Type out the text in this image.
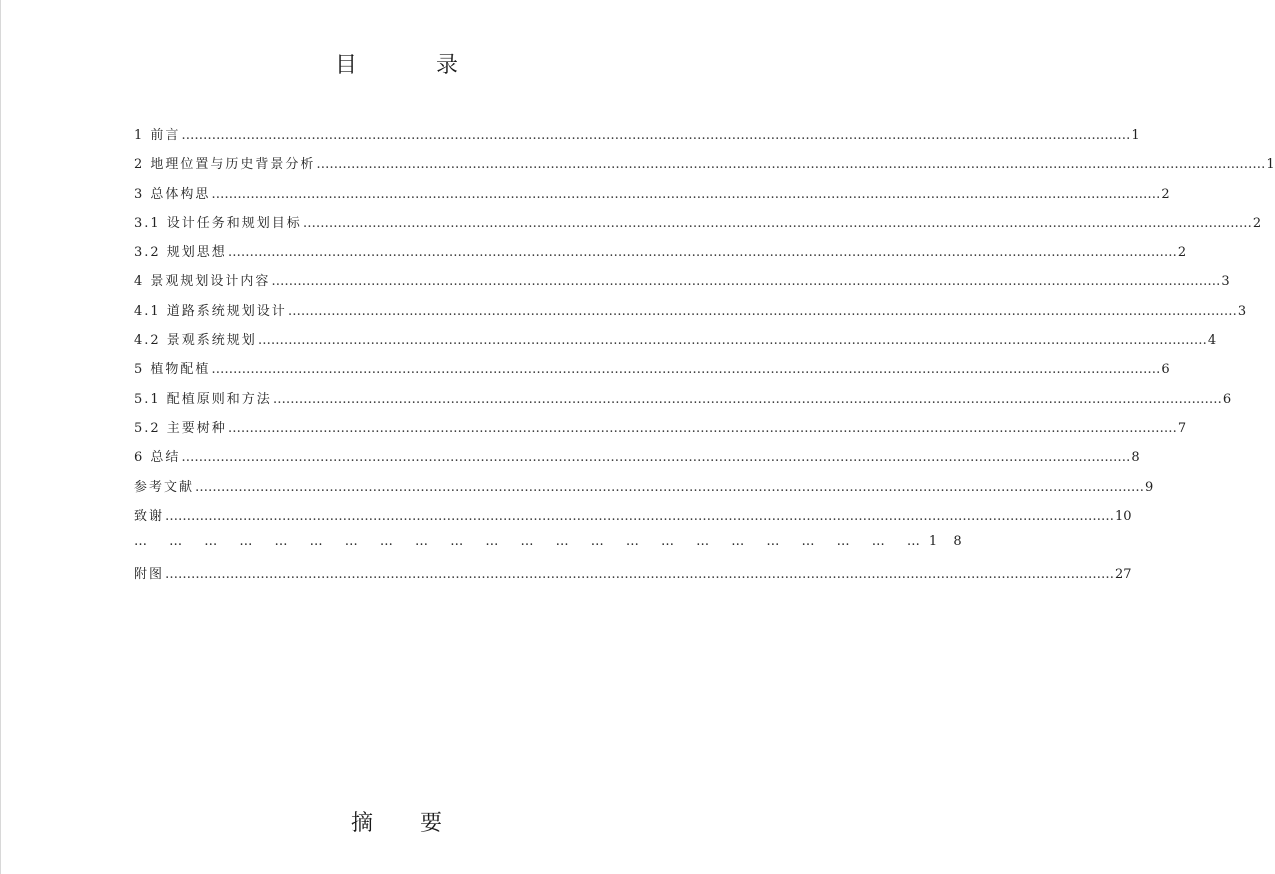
目 录
1 前言 …………………………………………………………………………………………………………………………………………………………………………………………………	1
2 地理位置与历史背景分析 …………………………………………………………………………………………………………………………………………………………………………………………………	1
3 总体构思 …………………………………………………………………………………………………………………………………………………………………………………………………	2
3.1 设计任务和规划目标 …………………………………………………………………………………………………………………………………………………………………………………………………	2
3.2 规划思想 …………………………………………………………………………………………………………………………………………………………………………………………………	2
4 景观规划设计内容 …………………………………………………………………………………………………………………………………………………………………………………………………	3
4.1 道路系统规划设计 …………………………………………………………………………………………………………………………………………………………………………………………………	3
4.2 景观系统规划 …………………………………………………………………………………………………………………………………………………………………………………………………	4
5 植物配植 …………………………………………………………………………………………………………………………………………………………………………………………………	6
5.1 配植原则和方法 …………………………………………………………………………………………………………………………………………………………………………………………………	6
5.2 主要树种 …………………………………………………………………………………………………………………………………………………………………………………………………	7
6 总结 …………………………………………………………………………………………………………………………………………………………………………………………………	8
参考文献 …………………………………………………………………………………………………………………………………………………………………………………………………	9
致谢 …………………………………………………………………………………………………………………………………………………………………………………………………	10
… … … … … … … … … … … … … … … … … … … … … … … 1 8
附图 …………………………………………………………………………………………………………………………………………………………………………………………………	27
摘 要
